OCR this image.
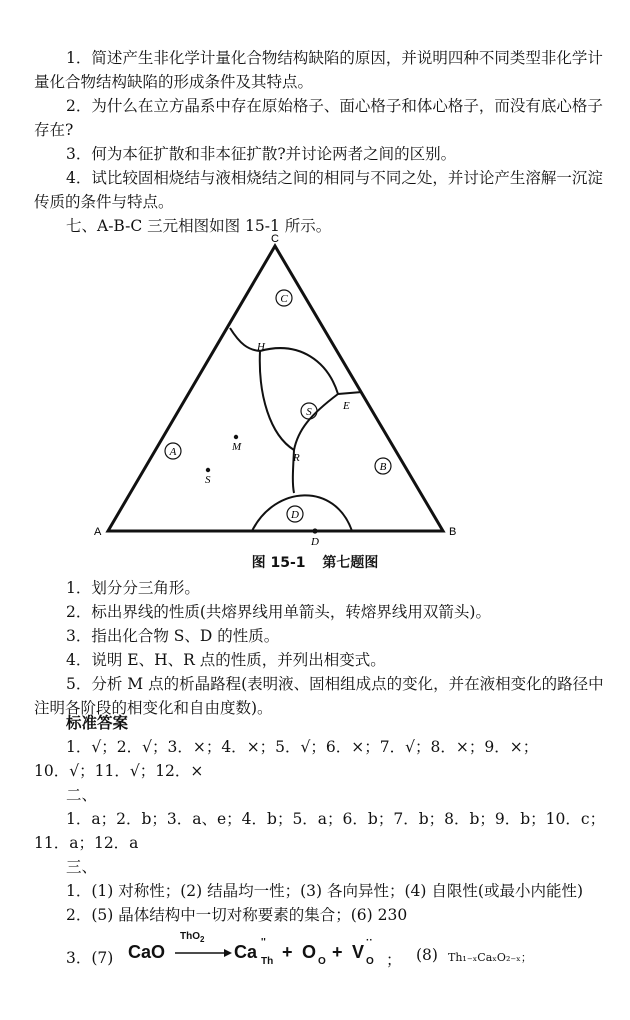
1．简述产生非化学计量化合物结构缺陷的原因，并说明四种不同类型非化学计量化合物结构缺陷的形成条件及其特点。

2．为什么在立方晶系中存在原始格子、面心格子和体心格子，而没有底心格子存在?

3．何为本征扩散和非本征扩散?并讨论两者之间的区别。

4．试比较固相烧结与液相烧结之间的相同与不同之处，并讨论产生溶解一沉淀传质的条件与特点。

七、A-B-C 三元相图如图 15-1 所示。

A	B
C
C
A
B
S
D
H
E
R
M
S
D
图 15-1 第七题图

1．划分分三角形。

2．标出界线的性质(共熔界线用单箭头，转熔界线用双箭头)。

3．指出化合物 S、D 的性质。

4．说明 E、H、R 点的性质，并列出相变式。

5．分析 M 点的析晶路程(表明液、固相组成点的变化，并在液相变化的路径中注明各阶段的相变化和自由度数)。

标准答案

1．√；2．√；3．×；4．×；5．√；6．×；7．√；8．×；9．×；

10．√；11．√；12．×

二、

1．a；2．b；3．a、e；4．b；5．a；6．b；7．b；8．b；9．b；10．c；

11．a；12．a

三、

1．(1) 对称性；(2) 结晶均一性；(3) 各向异性；(4) 自限性(或最小内能性)

2．(5) 晶体结构中一切对称要素的集合；(6) 230

3．(7) CaO
ThO$_2$
→ Ca ''
Th + O O + V
··
O ； (8) Th₁₋ₓCaₓO₂₋ₓ；
